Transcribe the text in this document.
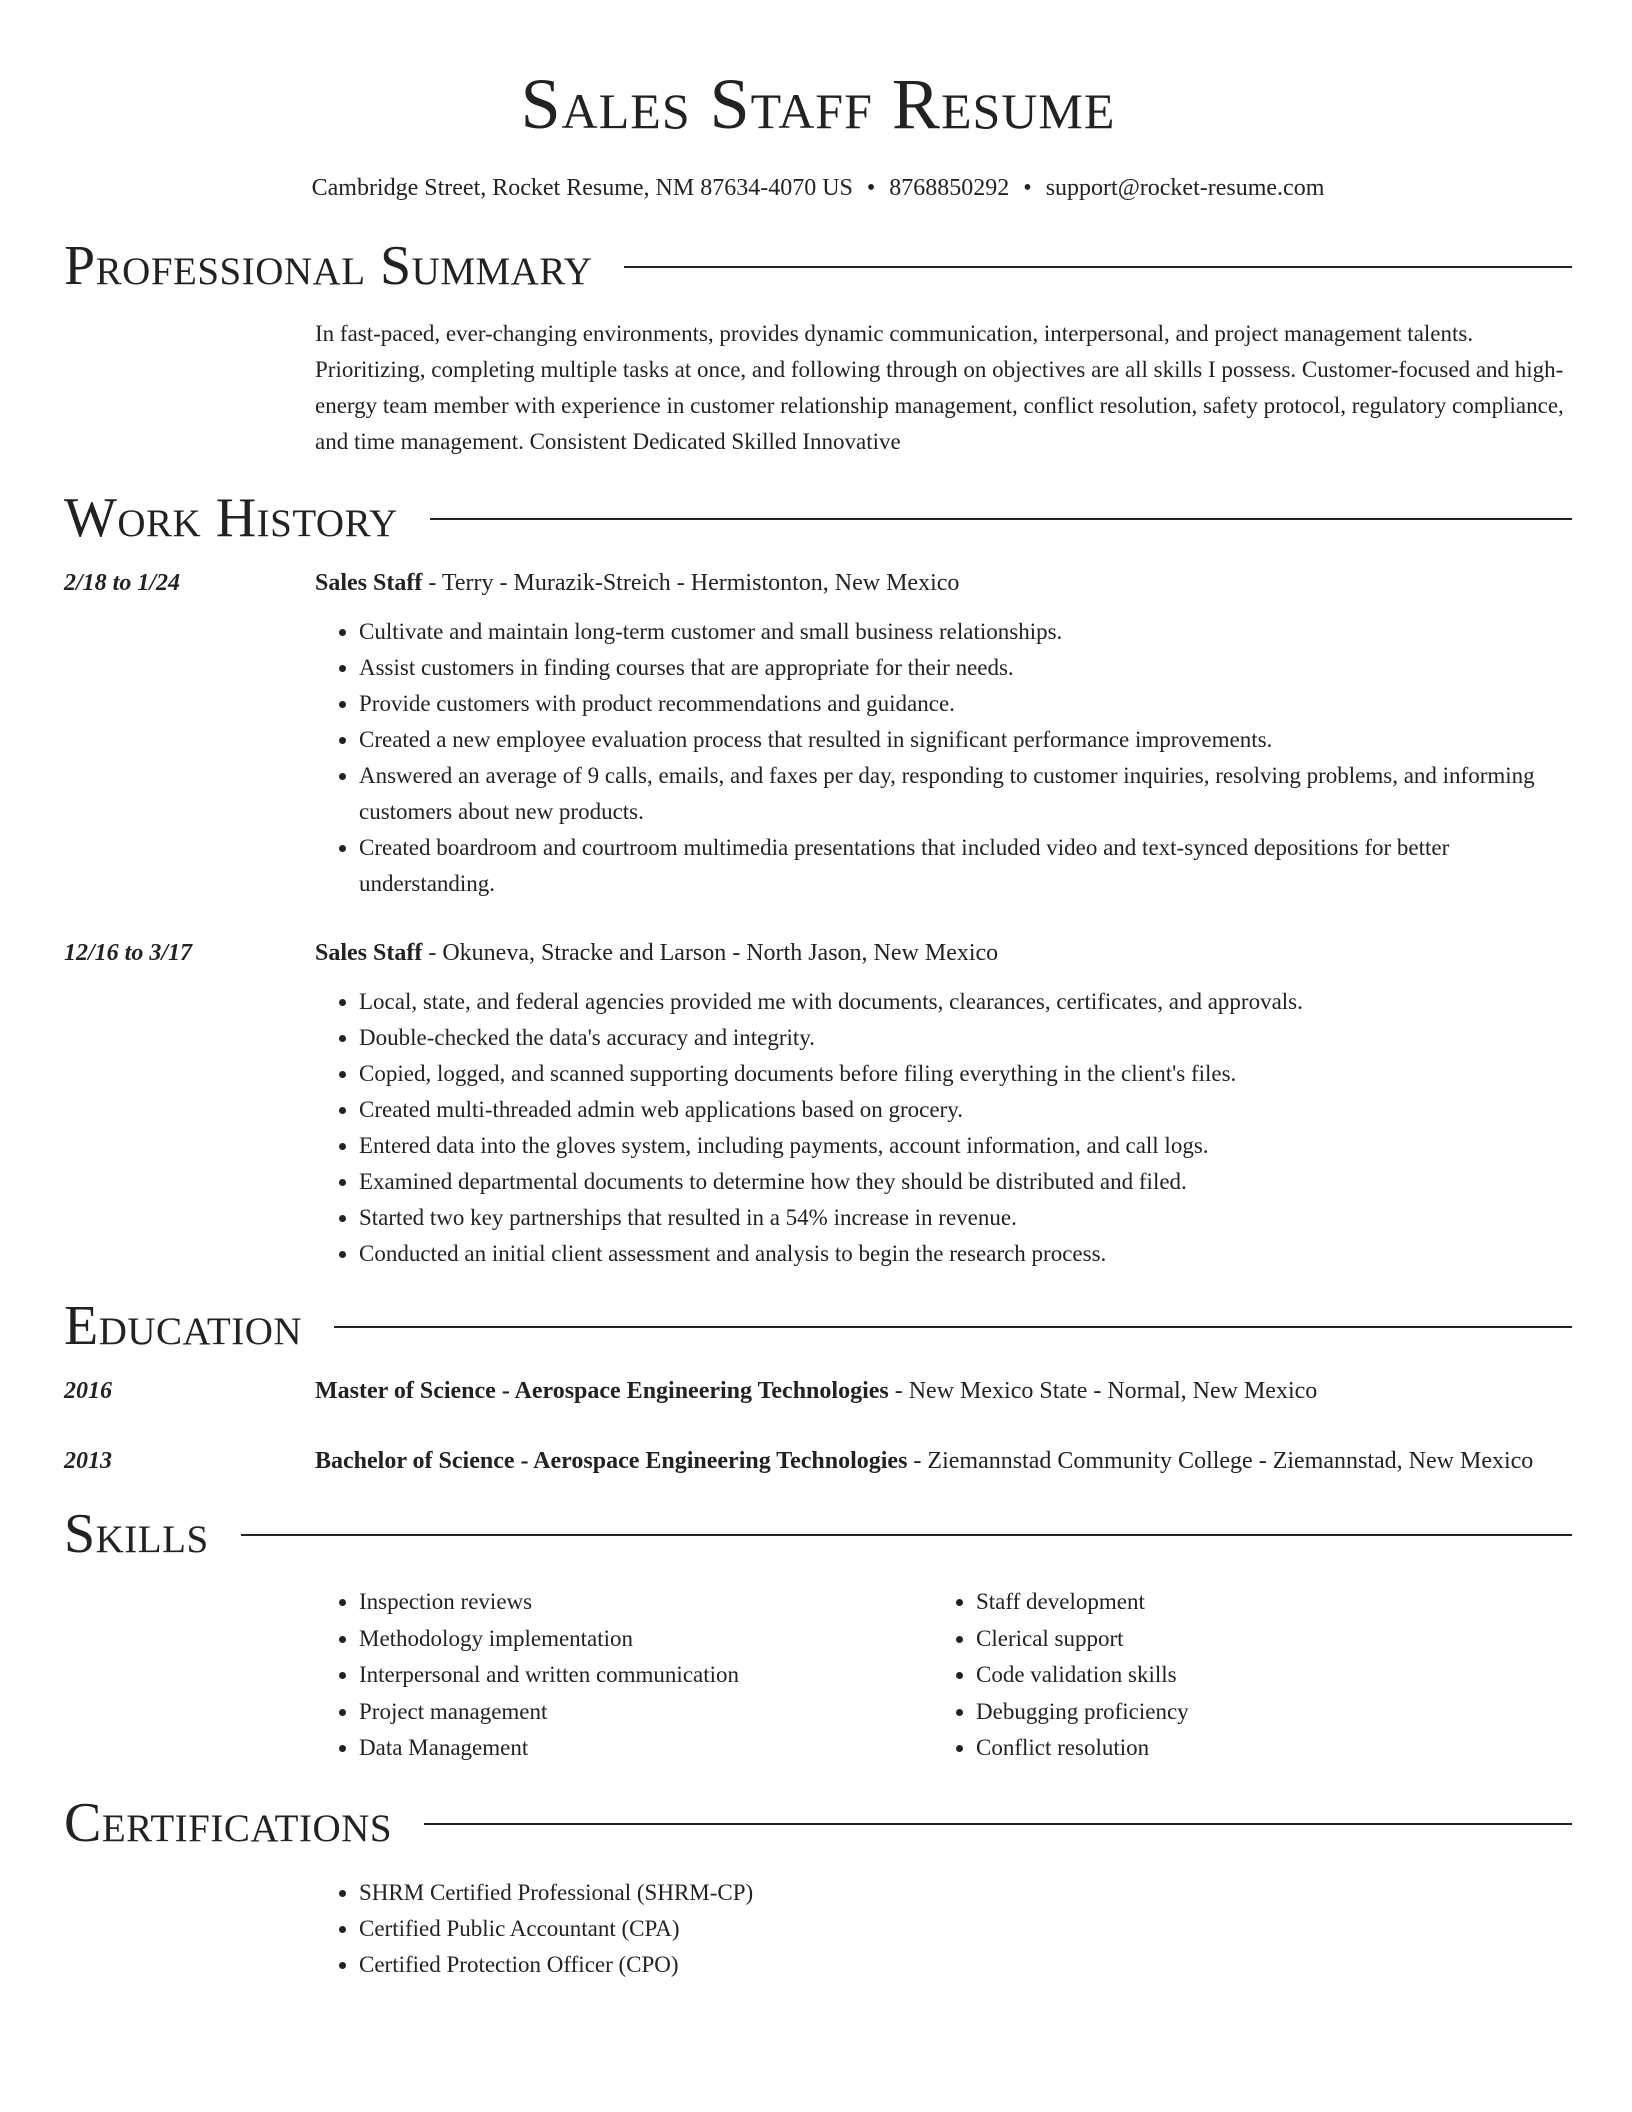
Sales Staff Resume
Cambridge Street, Rocket Resume, NM 87634-4070 US • 8768850292 • support@rocket-resume.com
Professional Summary
In fast-paced, ever-changing environments, provides dynamic communication, interpersonal, and project management talents. Prioritizing, completing multiple tasks at once, and following through on objectives are all skills I possess. Customer-focused and high-energy team member with experience in customer relationship management, conflict resolution, safety protocol, regulatory compliance, and time management. Consistent Dedicated Skilled Innovative
Work History
2/18 to 1/24	Sales Staff - Terry - Murazik-Streich - Hermistonton, New Mexico
• Cultivate and maintain long-term customer and small business relationships.
• Assist customers in finding courses that are appropriate for their needs.
• Provide customers with product recommendations and guidance.
• Created a new employee evaluation process that resulted in significant performance improvements.
• Answered an average of 9 calls, emails, and faxes per day, responding to customer inquiries, resolving problems, and informing customers about new products.
• Created boardroom and courtroom multimedia presentations that included video and text-synced depositions for better understanding.
12/16 to 3/17	Sales Staff - Okuneva, Stracke and Larson - North Jason, New Mexico
• Local, state, and federal agencies provided me with documents, clearances, certificates, and approvals.
• Double-checked the data's accuracy and integrity.
• Copied, logged, and scanned supporting documents before filing everything in the client's files.
• Created multi-threaded admin web applications based on grocery.
• Entered data into the gloves system, including payments, account information, and call logs.
• Examined departmental documents to determine how they should be distributed and filed.
• Started two key partnerships that resulted in a 54% increase in revenue.
• Conducted an initial client assessment and analysis to begin the research process.
Education
2016	Master of Science - Aerospace Engineering Technologies - New Mexico State - Normal, New Mexico
2013	Bachelor of Science - Aerospace Engineering Technologies - Ziemannstad Community College - Ziemannstad, New Mexico
Skills
• Inspection reviews
• Methodology implementation
• Interpersonal and written communication
• Project management
• Data Management
• Staff development
• Clerical support
• Code validation skills
• Debugging proficiency
• Conflict resolution
Certifications
• SHRM Certified Professional (SHRM-CP)
• Certified Public Accountant (CPA)
• Certified Protection Officer (CPO)
